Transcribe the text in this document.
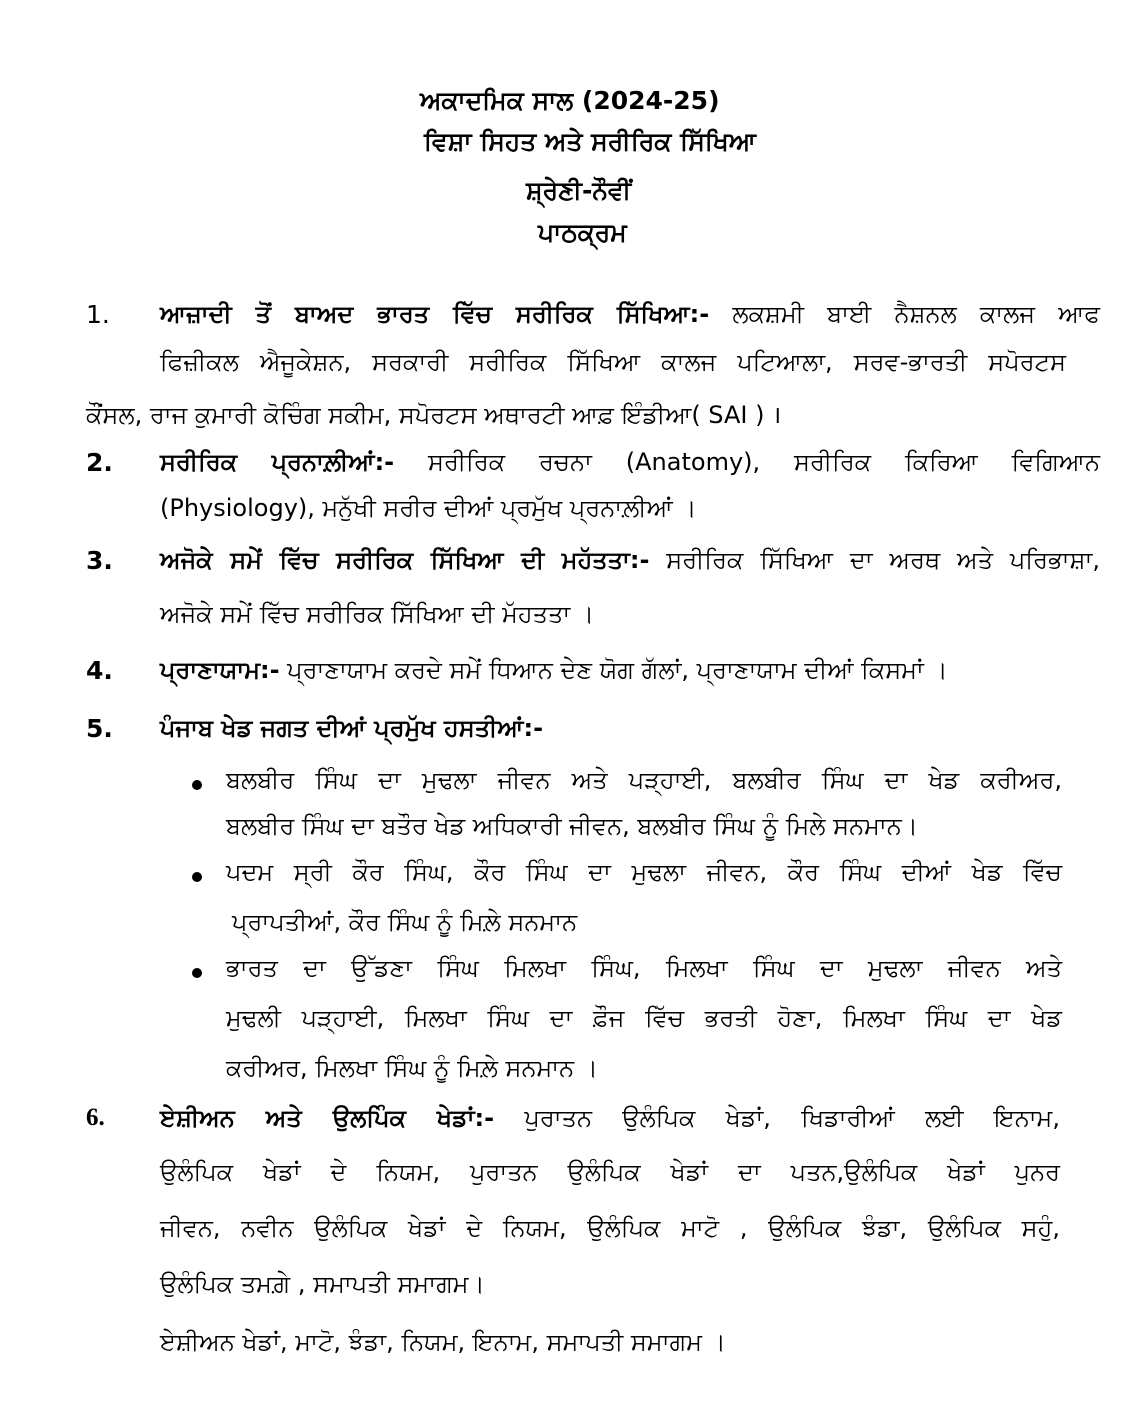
ਅਕਾਦਮਿਕ ਸਾਲ (2024-25)
ਵਿਸ਼ਾ ਸਿਹਤ ਅਤੇ ਸਰੀਰਿਕ ਸਿੱਖਿਆ
ਸ਼੍ਰੇਣੀ-ਨੌਵੀਂ
ਪਾਠਕ੍ਰਮ
1. ਆਜ਼ਾਦੀ ਤੋਂ ਬਾਅਦ ਭਾਰਤ ਵਿੱਚ ਸਰੀਰਿਕ ਸਿੱਖਿਆ:- ਲਕਸ਼ਮੀ ਬਾਈ ਨੈਸ਼ਨਲ ਕਾਲਜ ਆਫ
ਫਿਜ਼ੀਕਲ ਐਜੂਕੇਸ਼ਨ, ਸਰਕਾਰੀ ਸਰੀਰਿਕ ਸਿੱਖਿਆ ਕਾਲਜ ਪਟਿਆਲਾ, ਸਰਵ-ਭਾਰਤੀ ਸਪੋਰਟਸ
ਕੌਂਸਲ, ਰਾਜ ਕੁਮਾਰੀ ਕੋਚਿੰਗ ਸਕੀਮ, ਸਪੋਰਟਸ ਅਥਾਰਟੀ ਆਫ਼ ਇੰਡੀਆ( SAI ) ।
2. ਸਰੀਰਿਕ ਪ੍ਰਨਾਲ਼ੀਆਂ:- ਸਰੀਰਿਕ ਰਚਨਾ (Anatomy), ਸਰੀਰਿਕ ਕਿਰਿਆ ਵਿਗਿਆਨ
(Physiology), ਮਨੁੱਖੀ ਸਰੀਰ ਦੀਆਂ ਪ੍ਰਮੁੱਖ ਪ੍ਰਨਾਲ਼ੀਆਂ ।
3. ਅਜੋਕੇ ਸਮੇਂ ਵਿੱਚ ਸਰੀਰਿਕ ਸਿੱਖਿਆ ਦੀ ਮਹੱਤਤਾ:- ਸਰੀਰਿਕ ਸਿੱਖਿਆ ਦਾ ਅਰਥ ਅਤੇ ਪਰਿਭਾਸ਼ਾ,
ਅਜੋਕੇ ਸਮੇਂ ਵਿੱਚ ਸਰੀਰਿਕ ਸਿੱਖਿਆ ਦੀ ਮੱਹਤਤਾ ।
4. ਪ੍ਰਾਣਾਯਾਮ:- ਪ੍ਰਾਣਾਯਾਮ ਕਰਦੇ ਸਮੇਂ ਧਿਆਨ ਦੇਣ ਯੋਗ ਗੱਲਾਂ, ਪ੍ਰਾਣਾਯਾਮ ਦੀਆਂ ਕਿਸਮਾਂ ।
5. ਪੰਜਾਬ ਖੇਡ ਜਗਤ ਦੀਆਂ ਪ੍ਰਮੁੱਖ ਹਸਤੀਆਂ:-
ਬਲਬੀਰ ਸਿੰਘ ਦਾ ਮੁਢਲਾ ਜੀਵਨ ਅਤੇ ਪੜ੍ਹਾਈ, ਬਲਬੀਰ ਸਿੰਘ ਦਾ ਖੇਡ ਕਰੀਅਰ,
ਬਲਬੀਰ ਸਿੰਘ ਦਾ ਬਤੌਰ ਖੇਡ ਅਧਿਕਾਰੀ ਜੀਵਨ, ਬਲਬੀਰ ਸਿੰਘ ਨੂੰ ਮਿਲੇ ਸਨਮਾਨ।
ਪਦਮ ਸ੍ਰੀ ਕੌਰ ਸਿੰਘ, ਕੌਰ ਸਿੰਘ ਦਾ ਮੁਢਲਾ ਜੀਵਨ, ਕੌਰ ਸਿੰਘ ਦੀਆਂ ਖੇਡ ਵਿੱਚ
ਪ੍ਰਾਪਤੀਆਂ, ਕੌਰ ਸਿੰਘ ਨੂੰ ਮਿਲ਼ੇ ਸਨਮਾਨ
ਭਾਰਤ ਦਾ ਉੱਡਣਾ ਸਿੰਘ ਮਿਲਖਾ ਸਿੰਘ, ਮਿਲਖਾ ਸਿੰਘ ਦਾ ਮੁਢਲਾ ਜੀਵਨ ਅਤੇ
ਮੁਢਲੀ ਪੜ੍ਹਾਈ, ਮਿਲਖਾ ਸਿੰਘ ਦਾ ਫ਼ੌਜ ਵਿੱਚ ਭਰਤੀ ਹੋਣਾ, ਮਿਲਖਾ ਸਿੰਘ ਦਾ ਖੇਡ
ਕਰੀਅਰ, ਮਿਲਖਾ ਸਿੰਘ ਨੂੰ ਮਿਲ਼ੇ ਸਨਮਾਨ ।
6. ਏਸ਼ੀਅਨ ਅਤੇ ਉਲਪਿੰਕ ਖੇਡਾਂ:- ਪੁਰਾਤਨ ਉਲੰਪਿਕ ਖੇਡਾਂ, ਖਿਡਾਰੀਆਂ ਲਈ ਇਨਾਮ,
ਉਲੰਪਿਕ ਖੇਡਾਂ ਦੇ ਨਿਯਮ, ਪੁਰਾਤਨ ਉਲੰਪਿਕ ਖੇਡਾਂ ਦਾ ਪਤਨ,ਉਲੰਪਿਕ ਖੇਡਾਂ ਪੁਨਰ
ਜੀਵਨ, ਨਵੀਨ ਉਲੰਪਿਕ ਖੇਡਾਂ ਦੇ ਨਿਯਮ, ਉਲੰਪਿਕ ਮਾਟੋ , ਉਲੰਪਿਕ ਝੰਡਾ, ਉਲੰਪਿਕ ਸਹੁੰ,
ਉਲੰਪਿਕ ਤਮਗ਼ੇ , ਸਮਾਪਤੀ ਸਮਾਗਮ।
ਏਸ਼ੀਅਨ ਖੇਡਾਂ, ਮਾਟੋ, ਝੰਡਾ, ਨਿਯਮ, ਇਨਾਮ, ਸਮਾਪਤੀ ਸਮਾਗਮ ।
